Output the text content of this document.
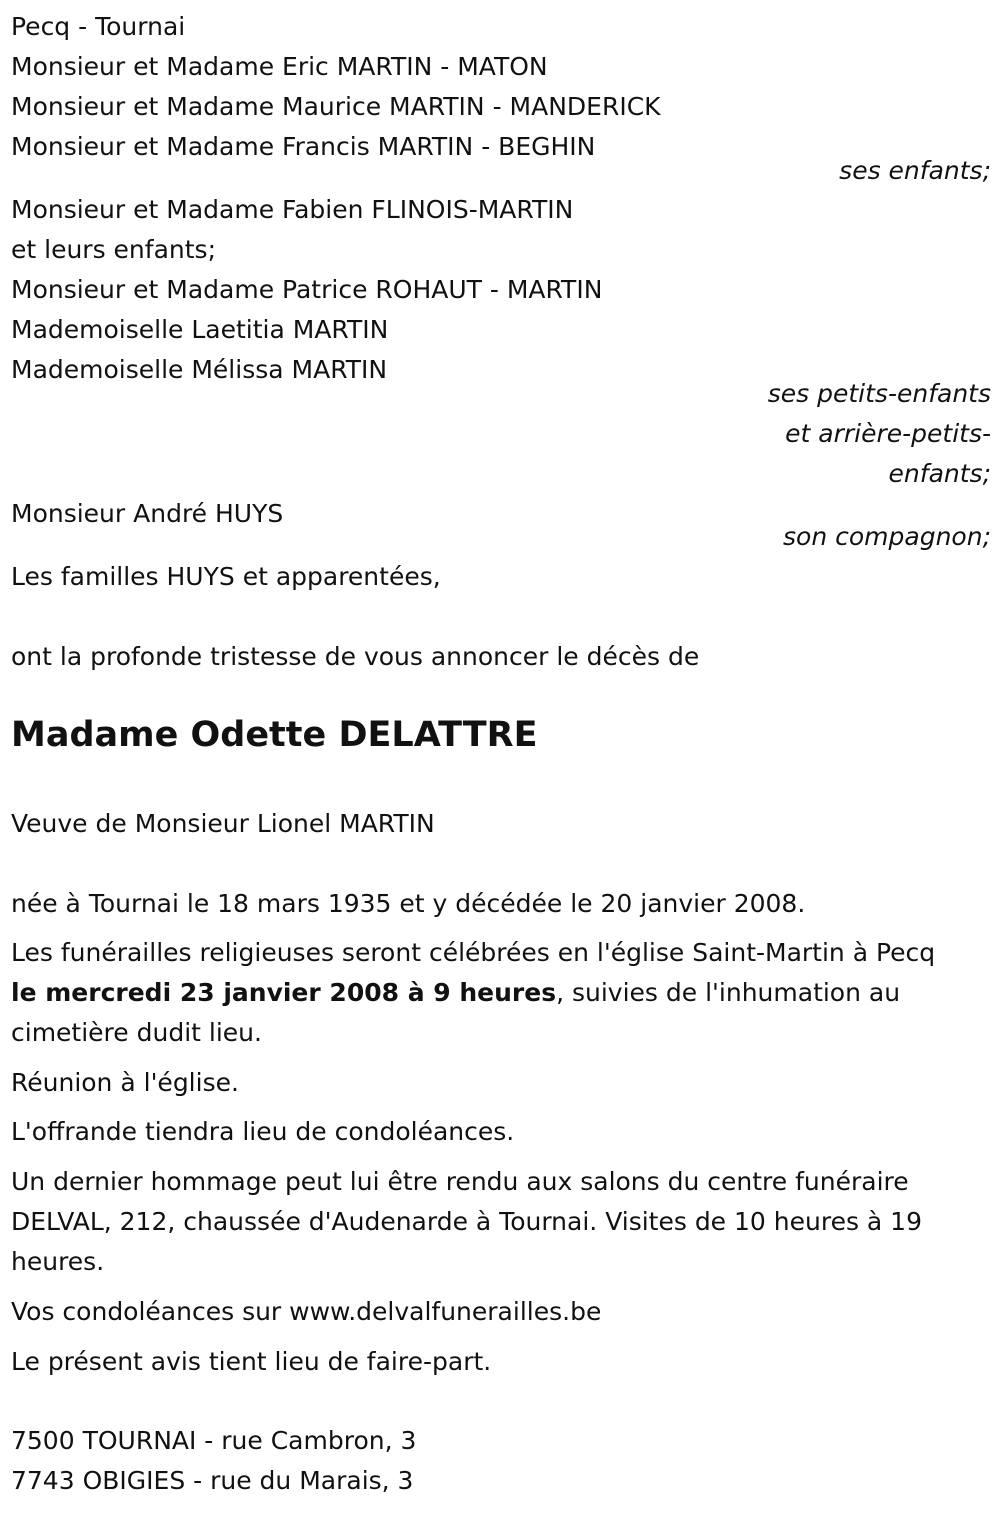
Pecq - Tournai
Monsieur et Madame Eric MARTIN - MATON
Monsieur et Madame Maurice MARTIN - MANDERICK
Monsieur et Madame Francis MARTIN - BEGHIN
ses enfants;
Monsieur et Madame Fabien FLINOIS-MARTIN
et leurs enfants;
Monsieur et Madame Patrice ROHAUT - MARTIN
Mademoiselle Laetitia MARTIN
Mademoiselle Mélissa MARTIN
ses petits-enfants
et arrière-petits-
enfants;
Monsieur André HUYS
son compagnon;
Les familles HUYS et apparentées,
ont la profonde tristesse de vous annoncer le décès de
Madame Odette DELATTRE
Veuve de Monsieur Lionel MARTIN
née à Tournai le 18 mars 1935 et y décédée le 20 janvier 2008.
Les funérailles religieuses seront célébrées en l'église Saint-Martin à Pecq
le mercredi 23 janvier 2008 à 9 heures, suivies de l'inhumation au
cimetière dudit lieu.
Réunion à l'église.
L'offrande tiendra lieu de condoléances.
Un dernier hommage peut lui être rendu aux salons du centre funéraire
DELVAL, 212, chaussée d'Audenarde à Tournai. Visites de 10 heures à 19
heures.
Vos condoléances sur www.delvalfunerailles.be
Le présent avis tient lieu de faire-part.
7500 TOURNAI - rue Cambron, 3
7743 OBIGIES - rue du Marais, 3
